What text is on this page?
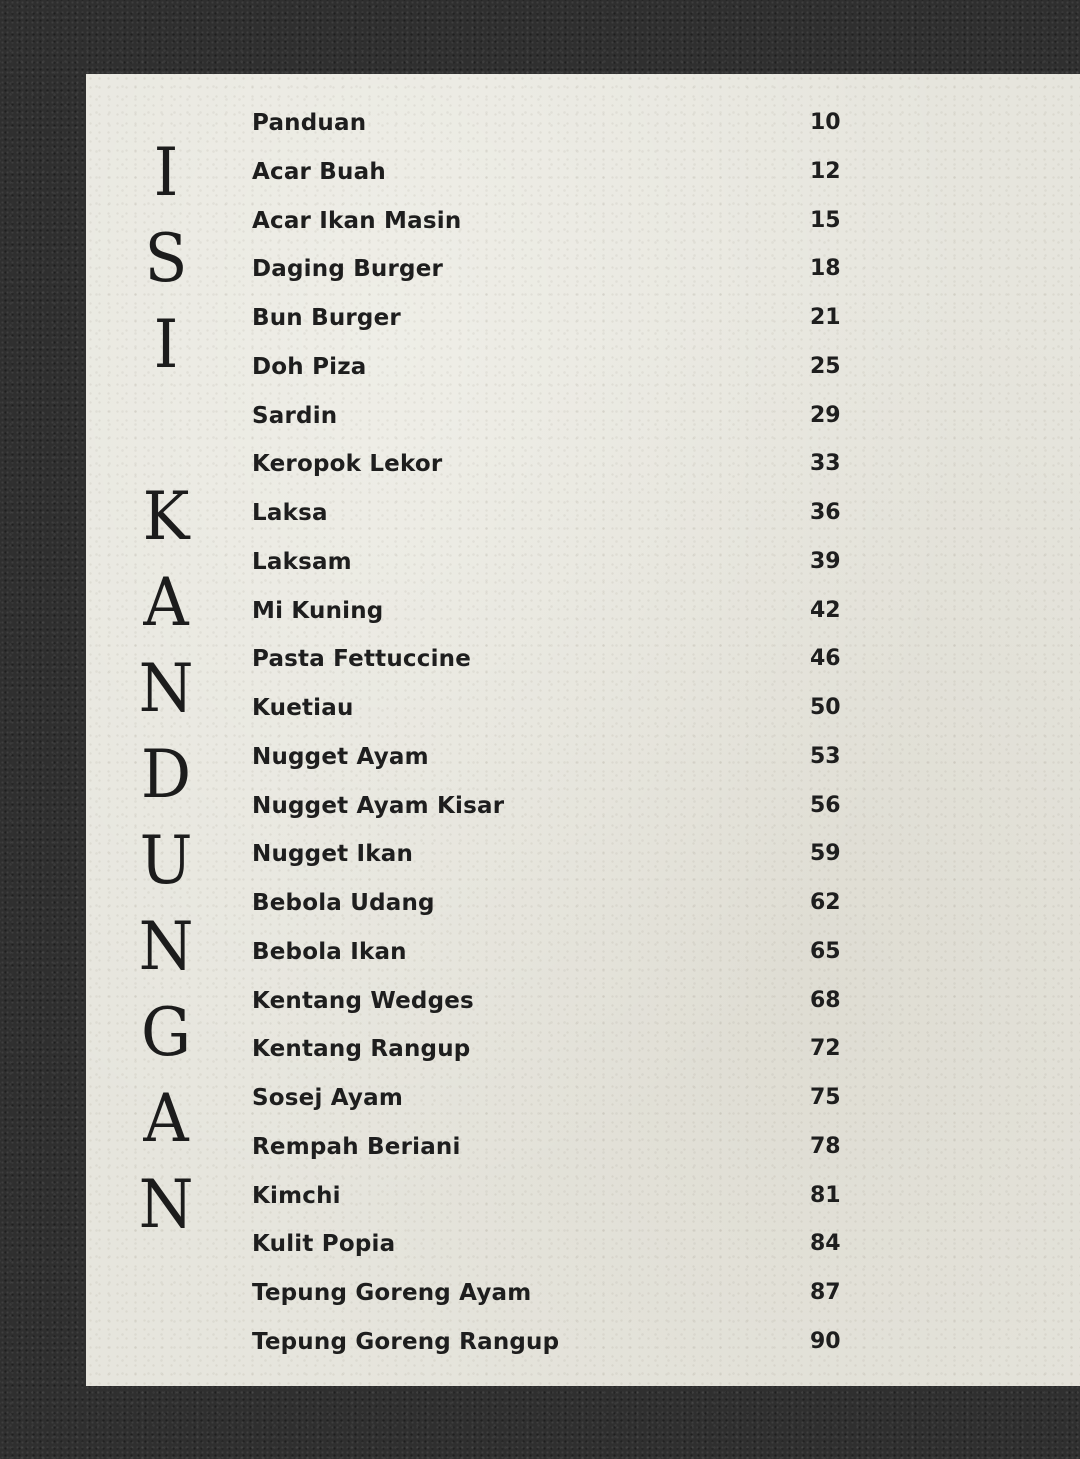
I
S
I
K
A
N
D
U
N
G
A
N
Panduan	10
Acar Buah	12
Acar Ikan Masin	15
Daging Burger	18
Bun Burger	21
Doh Piza	25
Sardin	29
Keropok Lekor	33
Laksa	36
Laksam	39
Mi Kuning	42
Pasta Fettuccine	46
Kuetiau	50
Nugget Ayam	53
Nugget Ayam Kisar	56
Nugget Ikan	59
Bebola Udang	62
Bebola Ikan	65
Kentang Wedges	68
Kentang Rangup	72
Sosej Ayam	75
Rempah Beriani	78
Kimchi	81
Kulit Popia	84
Tepung Goreng Ayam	87
Tepung Goreng Rangup	90
